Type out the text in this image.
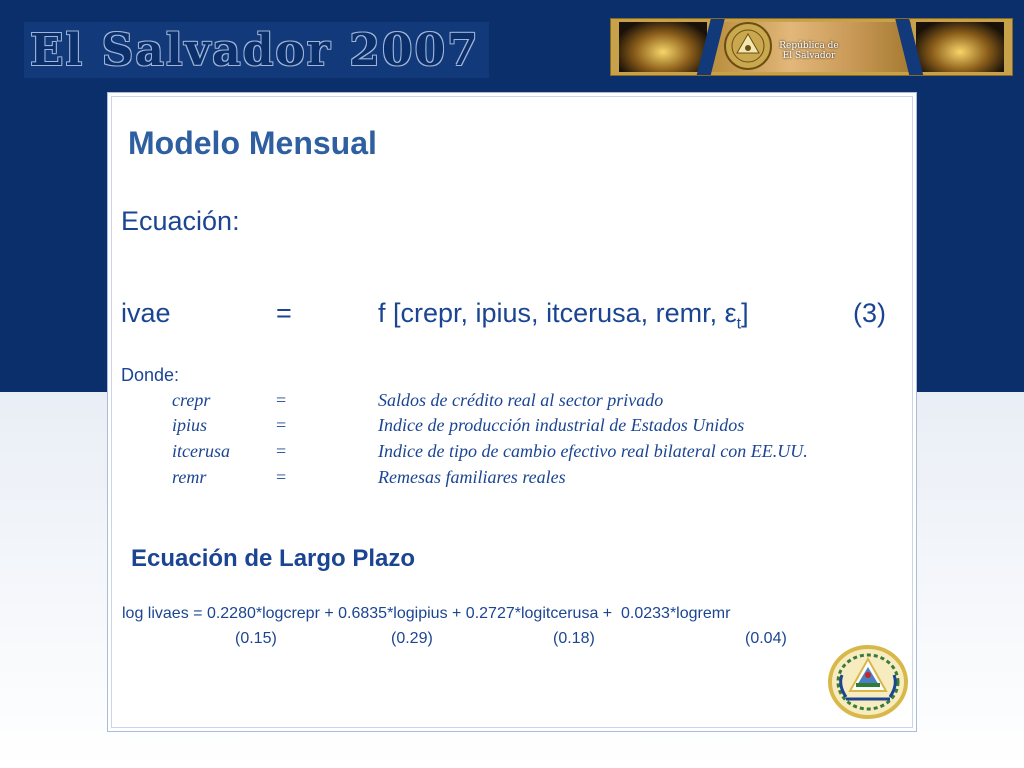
El Salvador 2007	República de
El Salvador
Modelo Mensual
Ecuación:
ivae	=	f [crepr, ipius, itcerusa, remr, $\varepsilon_t$]	(3)
Donde:
crepr	=	Saldos de crédito real al sector privado
ipius	=	Indice de producción industrial de Estados Unidos
itcerusa	=	Indice de tipo de cambio efectivo real bilateral con EE.UU.
remr	=	Remesas familiares reales
Ecuación de Largo Plazo
log livaes = 0.2280*logcrepr + 0.6835*logipius + 0.2727*logitcerusa +  0.0233*logremr
(0.15)	(0.29)	(0.18)	(0.04)
